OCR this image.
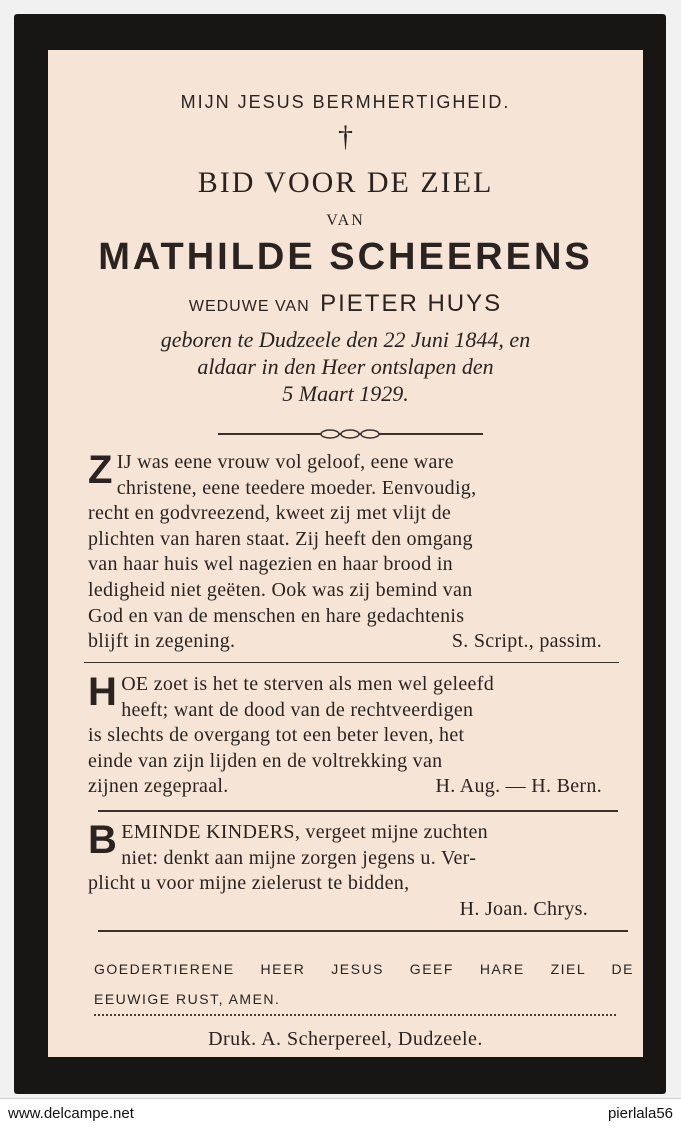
MIJN JESUS BERMHERTIGHEID.
†
BID VOOR DE ZIEL
VAN
MATHILDE SCHEERENS
WEDUWE VAN PIETER HUYS
geboren te Dudzeele den 22 Juni 1844, en
aldaar in den Heer ontslapen den
5 Maart 1929.
Z IJ was eene vrouw vol geloof, eene ware
christene, eene teedere moeder. Eenvoudig,
recht en godvreezend, kweet zij met vlijt de
plichten van haren staat. Zij heeft den omgang
van haar huis wel nagezien en haar brood in
ledigheid niet geëten. Ook was zij bemind van
God en van de menschen en hare gedachtenis
blijft in zegening.	S. Script., passim.
H OE zoet is het te sterven als men wel geleefd
heeft; want de dood van de rechtveerdigen
is slechts de overgang tot een beter leven, het
einde van zijn lijden en de voltrekking van
zijnen zegepraal.	H. Aug. — H. Bern.
B EMINDE KINDERS, vergeet mijne zuchten
niet: denkt aan mijne zorgen jegens u. Ver-
plicht u voor mijne zielerust te bidden,
H. Joan. Chrys.
GOEDERTIERENE HEER JESUS GEEF HARE ZIEL DE
EEUWIGE RUST, AMEN.
Druk. A. Scherpereel, Dudzeele.
www.delcampe.net	pierlala56
